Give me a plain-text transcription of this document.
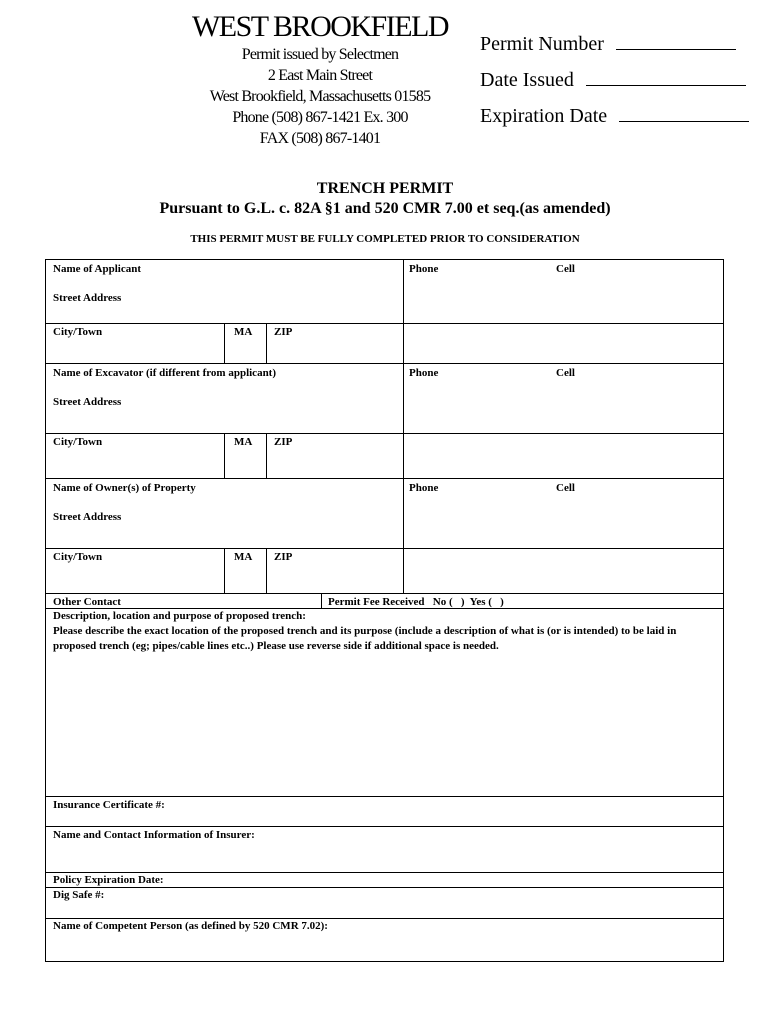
WEST BROOKFIELD
Permit issued by Selectmen
2 East Main Street
West Brookfield, Massachusetts 01585
Phone (508) 867-1421 Ex. 300
FAX (508) 867-1401
Permit Number
Date Issued
Expiration Date
TRENCH PERMIT
Pursuant to G.L. c. 82A §1 and 520 CMR 7.00 et seq.(as amended)
THIS PERMIT MUST BE FULLY COMPLETED PRIOR TO CONSIDERATION
Name of Applicant	Phone	Cell
Street Address
City/Town	MA ZIP
Name of Excavator (if different from applicant)	Phone	Cell
Street Address
City/Town	MA ZIP
Name of Owner(s) of Property	Phone	Cell
Street Address
City/Town	MA ZIP
Other Contact	Permit Fee Received   No (   )  Yes (   )
Description, location and purpose of proposed trench:
Please describe the exact location of the proposed trench and its purpose (include a description of what is (or is intended) to be laid in proposed trench (eg; pipes/cable lines etc..) Please use reverse side if additional space is needed.
Insurance Certificate #:
Name and Contact Information of Insurer:
Policy Expiration Date:
Dig Safe #:
Name of Competent Person (as defined by 520 CMR 7.02):
